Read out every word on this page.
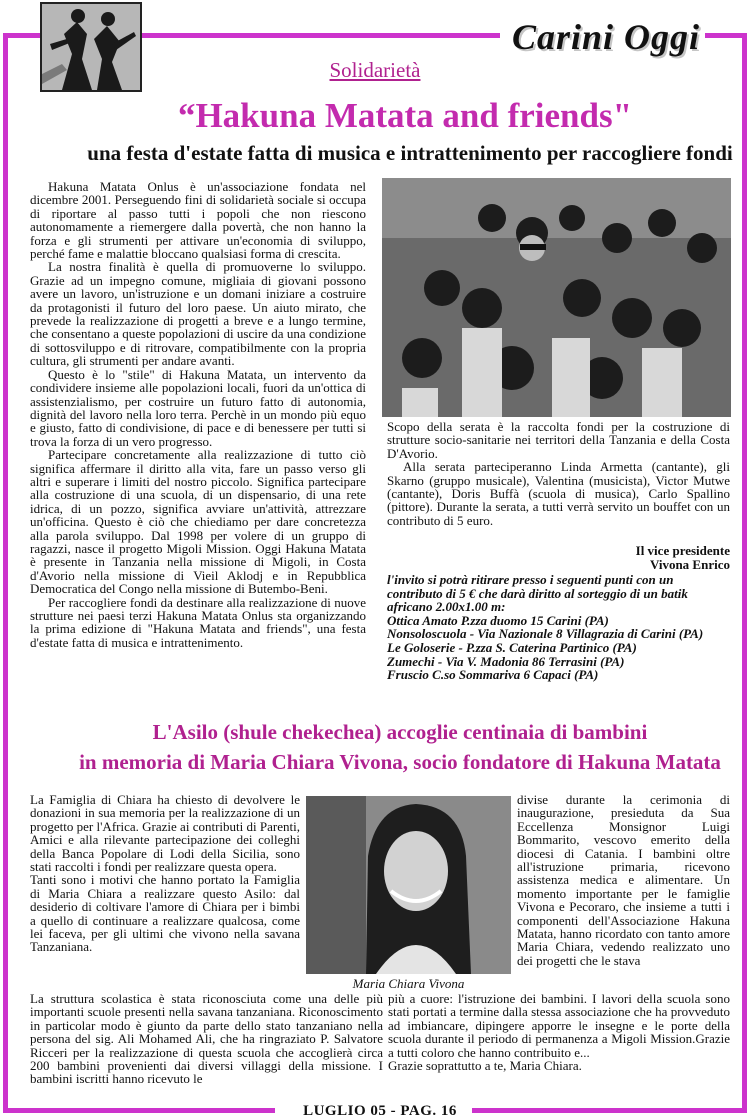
Carini Oggi
Solidarietà
“Hakuna Matata and friends"
una festa d'estate fatta di musica e intrattenimento per raccogliere fondi

Hakuna Matata Onlus è un'associazione fondata nel dicembre 2001. Perseguendo fini di solidarietà sociale si occupa di riportare al passo tutti i popoli che non riescono autonomamente a riemergere dalla povertà, che non hanno la forza e gli strumenti per attivare un'economia di sviluppo, perché fame e malattie bloccano qualsiasi forma di crescita.

La nostra finalità è quella di promuoverne lo sviluppo. Grazie ad un impegno comune, migliaia di giovani possono avere un lavoro, un'istruzione e un domani iniziare a costruire da protagonisti il futuro del loro paese. Un aiuto mirato, che prevede la realizzazione di progetti a breve e a lungo termine, che consentano a queste popolazioni di uscire da una condizione di sottosviluppo e di ritrovare, compatibilmente con la propria cultura, gli strumenti per andare avanti.

Questo è lo "stile" di Hakuna Matata, un intervento da condividere insieme alle popolazioni locali, fuori da un'ottica di assistenzialismo, per costruire un futuro fatto di autonomia, dignità del lavoro nella loro terra. Perchè in un mondo più equo e giusto, fatto di condivisione, di pace e di benessere per tutti si trova la forza di un vero progresso.

Partecipare concretamente alla realizzazione di tutto ciò significa affermare il diritto alla vita, fare un passo verso gli altri e superare i limiti del nostro piccolo. Significa partecipare alla costruzione di una scuola, di un dispensario, di una rete idrica, di un pozzo, significa avviare un'attività, attrezzare un'officina. Questo è ciò che chiediamo per dare concretezza alla parola sviluppo. Dal 1998 per volere di un gruppo di ragazzi, nasce il progetto Migoli Mission. Oggi Hakuna Matata è presente in Tanzania nella missione di Migoli, in Costa d'Avorio nella missione di Vieil Aklodj e in Repubblica Democratica del Congo nella missione di Butembo-Beni.

Per raccogliere fondi da destinare alla realizzazione di nuove strutture nei paesi terzi Hakuna Matata Onlus sta organizzando la prima edizione di "Hakuna Matata and friends", una festa d'estate fatta di musica e intrattenimento.

Scopo della serata è la raccolta fondi per la costruzione di strutture socio-sanitarie nei territori della Tanzania e della Costa D'Avorio.

Alla serata parteciperanno Linda Armetta (cantante), gli Skarno (gruppo musicale), Valentina (musicista), Victor Mutwe (cantante), Doris Buffà (scuola di musica), Carlo Spallino (pittore). Durante la serata, a tutti verrà servito un bouffet con un contributo di 5 euro.

Il vice presidente
Vivona Enrico

l'invito si potrà ritirare presso i seguenti punti con un contributo di 5 € che darà diritto al sorteggio di un batik africano 2.00x1.00 m:

Ottica Amato P.zza duomo 15 Carini (PA)
Nonsoloscuola - Via Nazionale 8 Villagrazia di Carini (PA)
Le Goloserie - P.zza S. Caterina Partinico (PA)
Zumechi - Via V. Madonia 86 Terrasini (PA)
Fruscio C.so Sommariva 6 Capaci (PA)
L'Asilo (shule chekechea) accoglie centinaia di bambini
in memoria di Maria Chiara Vivona, socio fondatore di Hakuna Matata

La Famiglia di Chiara ha chiesto di devolvere le donazioni in sua memoria per la realizzazione di un progetto per l'Africa. Grazie ai contributi di Parenti, Amici e alla rilevante partecipazione dei colleghi della Banca Popolare di Lodi della Sicilia, sono stati raccolti i fondi per realizzare questa opera.

Tanti sono i motivi che hanno portato la Famiglia di Maria Chiara a realizzare questo Asilo: dal desiderio di coltivare l'amore di Chiara per i bimbi a quello di continuare a realizzare qualcosa, come lei faceva, per gli ultimi che vivono nella savana Tanzaniana.

Maria Chiara Vivona

divise durante la cerimonia di inaugurazione, presieduta da Sua Eccellenza Monsignor Luigi Bommarito, vescovo emerito della diocesi di Catania. I bambini oltre all'istruzione primaria, ricevono assistenza medica e alimentare. Un momento importante per le famiglie Vivona e Pecoraro, che insieme a tutti i componenti dell'Associazione Hakuna Matata, hanno ricordato con tanto amore Maria Chiara, vedendo realizzato uno dei progetti che le stava

La struttura scolastica è stata riconosciuta come una delle più importanti scuole presenti nella savana tanzaniana. Riconoscimento in particolar modo è giunto da parte dello stato tanzaniano nella persona del sig. Ali Mohamed Ali, che ha ringraziato P. Salvatore Ricceri per la realizzazione di questa scuola che accoglierà circa 200 bambini provenienti dai diversi villaggi della missione. I bambini iscritti hanno ricevuto le

più a cuore: l'istruzione dei bambini. I lavori della scuola sono stati portati a termine dalla stessa associazione che ha provveduto ad imbiancare, dipingere apporre le insegne e le porte della scuola durante il periodo di permanenza a Migoli Mission.Grazie a tutti coloro che hanno contribuito e...

Grazie soprattutto a te, Maria Chiara.

LUGLIO 05 - PAG. 16
